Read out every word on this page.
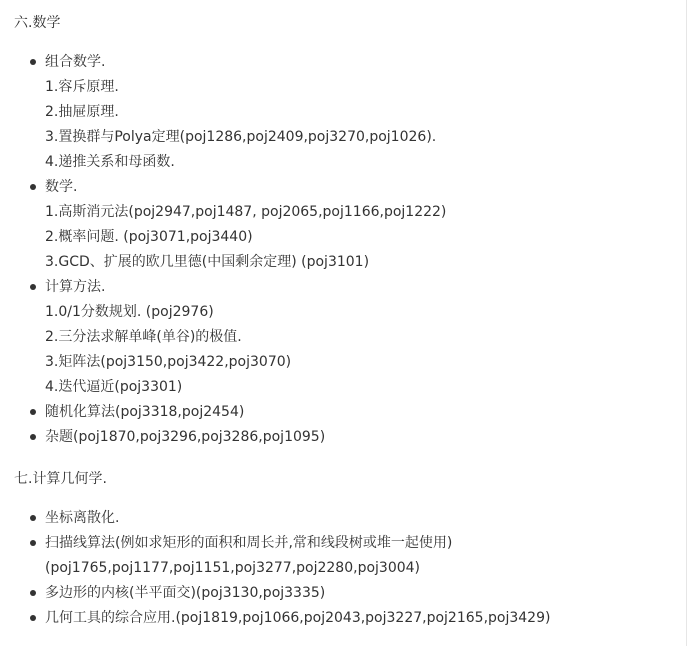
六.数学
组合数学.
1.容斥原理.
2.抽屉原理.
3.置换群与Polya定理(poj1286,poj2409,poj3270,poj1026).
4.递推关系和母函数.
数学.
1.高斯消元法(poj2947,poj1487, poj2065,poj1166,poj1222)
2.概率问题. (poj3071,poj3440)
3.GCD、扩展的欧几里德(中国剩余定理) (poj3101)
计算方法.
1.0/1分数规划. (poj2976)
2.三分法求解单峰(单谷)的极值.
3.矩阵法(poj3150,poj3422,poj3070)
4.迭代逼近(poj3301)
随机化算法(poj3318,poj2454)
杂题(poj1870,poj3296,poj3286,poj1095)
七.计算几何学.
坐标离散化.
扫描线算法(例如求矩形的面积和周长并,常和线段树或堆一起使用)
(poj1765,poj1177,poj1151,poj3277,poj2280,poj3004)
多边形的内核(半平面交)(poj3130,poj3335)
几何工具的综合应用.(poj1819,poj1066,poj2043,poj3227,poj2165,poj3429)
